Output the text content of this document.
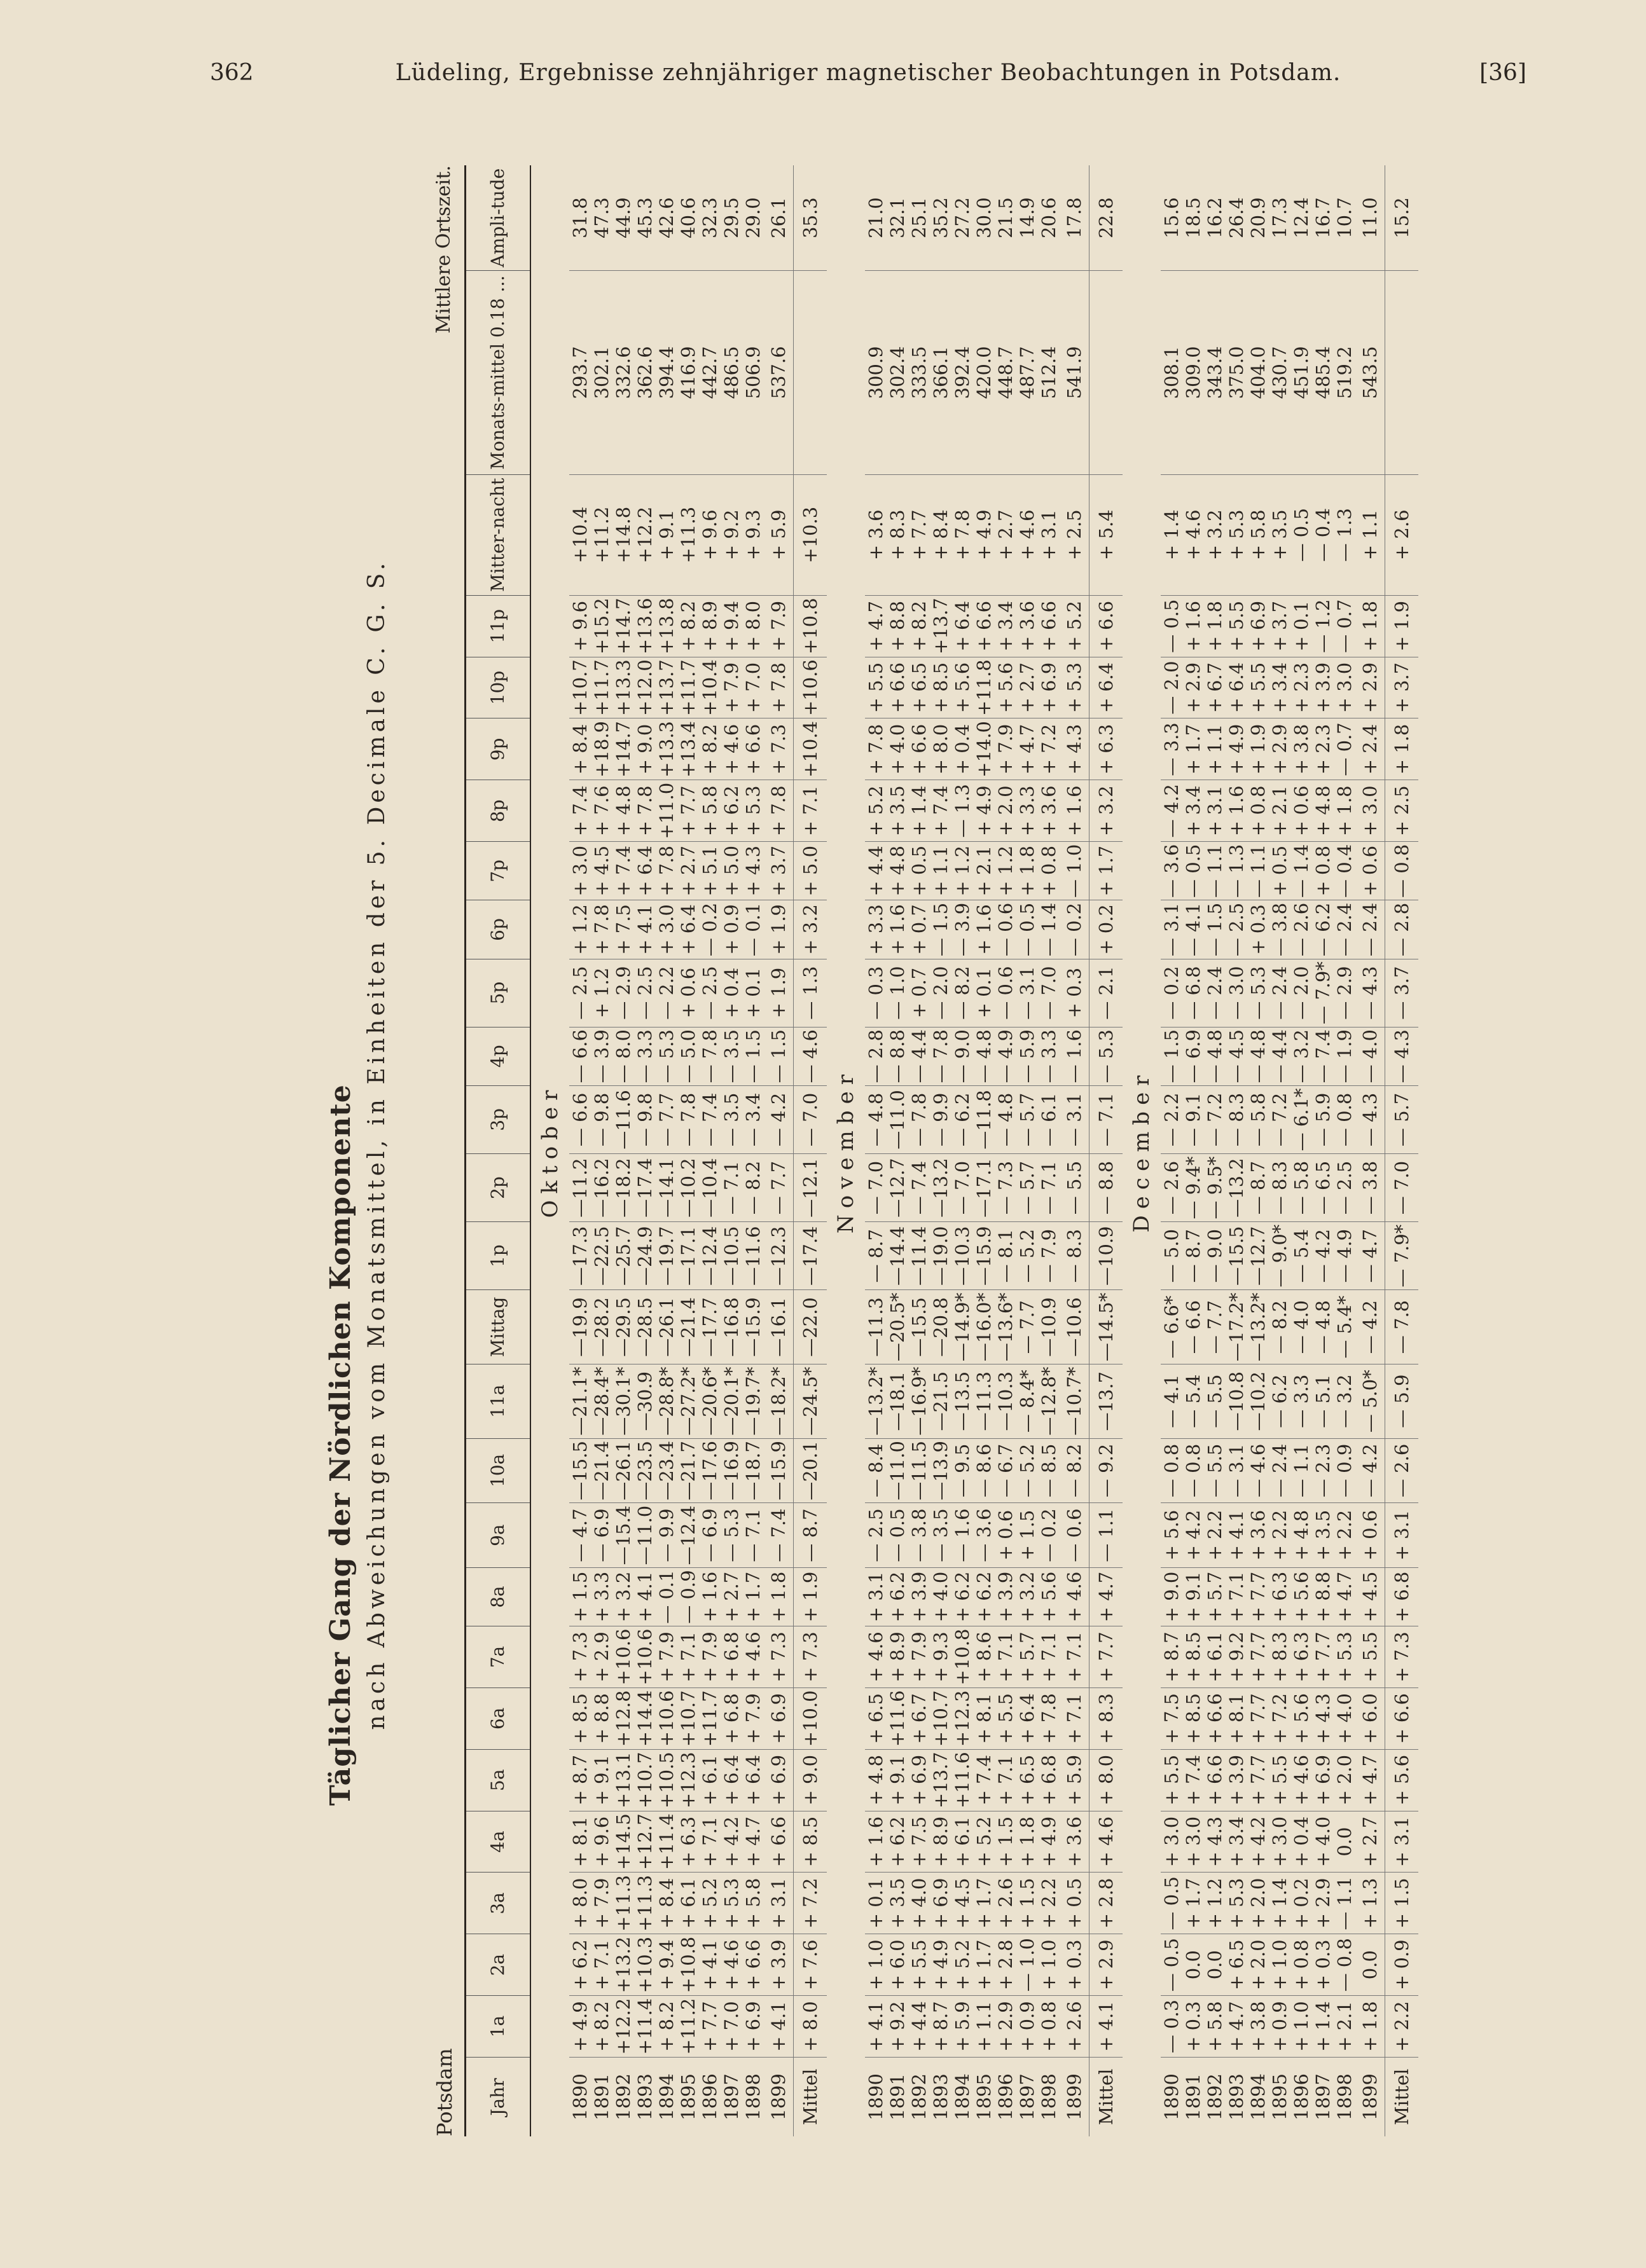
362	Lüdeling, Ergebnisse zehnjähriger magnetischer Beobachtungen in Potsdam.	[36]
Täglicher Gang der Nördlichen Komponente nach Abweichungen vom Monatsmittel, in Einheiten der 5. Decimale C. G. S.
Potsdam
Mittlere Ortszeit.
Jahr	1a	2a	3a	4a	5a	6a	7a	8a	9a	10a	11a	Mittag	1p	2p	3p	4p	5p	6p	7p	8p	9p	10p	11p	Mitter-nacht	Monats-mittel 0.18 ...	Ampli-tude
Oktober																										
1890	+ 4.9	+ 6.2	+ 8.0	+ 8.1	+ 8.7	+ 8.5	+ 7.3	+ 1.5	— 4.7	—15.5	—21.1*	—19.9	—17.3	—11.2	— 6.6	— 6.6	— 2.5	+ 1.2	+ 3.0	+ 7.4	+ 8.4	+10.7	+ 9.6	+10.4	293.7	31.8
1891	+ 8.2	+ 7.1	+ 7.9	+ 9.6	+ 9.1	+ 8.8	+ 2.9	+ 3.3	— 6.9	—21.4	—28.4*	—28.2	—22.5	—16.2	— 9.8	— 3.9	+ 1.2	+ 7.8	+ 4.5	+ 7.6	+18.9	+11.7	+15.2	+11.2	302.1	47.3
1892	+12.2	+13.2	+11.3	+14.5	+13.1	+12.8	+10.6	+ 3.2	—15.4	—26.1	—30.1*	—29.5	—25.7	—18.2	—11.6	— 8.0	— 2.9	+ 7.5	+ 7.4	+ 4.8	+14.7	+13.3	+14.7	+14.8	332.6	44.9
1893	+11.4	+10.3	+11.3	+12.7	+10.7	+14.4	+10.6	+ 4.1	—11.0	—23.5	—30.9	—28.5	—24.9	—17.4	— 9.8	— 3.3	— 2.5	+ 4.1	+ 6.4	+ 7.8	+ 9.0	+12.0	+13.6	+12.2	362.6	45.3
1894	+ 8.2	+ 9.4	+ 8.4	+11.4	+10.5	+10.6	+ 7.9	— 0.1	— 9.9	—23.4	—28.8*	—26.1	—19.7	—14.1	— 7.7	— 5.3	— 2.2	+ 3.0	+ 7.8	+11.0	+13.3	+13.7	+13.8	+ 9.1	394.4	42.6
1895	+11.2	+10.8	+ 6.1	+ 6.3	+12.3	+10.7	+ 7.1	— 0.9	—12.4	—21.7	—27.2*	—21.4	—17.1	—10.2	— 7.8	— 5.0	+ 0.6	+ 6.4	+ 2.7	+ 7.7	+13.4	+11.7	+ 8.2	+11.3	416.9	40.6
1896	+ 7.7	+ 4.1	+ 5.2	+ 7.1	+ 6.1	+11.7	+ 7.9	+ 1.6	— 6.9	—17.6	—20.6*	—17.7	—12.4	—10.4	— 7.4	— 7.8	— 2.5	— 0.2	+ 5.1	+ 5.8	+ 8.2	+10.4	+ 8.9	+ 9.6	442.7	32.3
1897	+ 7.0	+ 4.6	+ 5.3	+ 4.2	+ 6.4	+ 6.8	+ 6.8	+ 2.7	— 5.3	—16.9	—20.1*	—16.8	—10.5	— 7.1	— 3.5	— 3.5	+ 0.4	+ 0.9	+ 5.0	+ 6.2	+ 4.6	+ 7.9	+ 9.4	+ 9.2	486.5	29.5
1898	+ 6.9	+ 6.6	+ 5.8	+ 4.7	+ 6.4	+ 7.9	+ 4.6	+ 1.7	— 7.1	—18.7	—19.7*	—15.9	—11.6	— 8.2	— 3.4	— 1.5	+ 0.1	— 0.1	+ 4.3	+ 5.3	+ 6.6	+ 7.0	+ 8.0	+ 9.3	506.9	29.0
1899	+ 4.1	+ 3.9	+ 3.1	+ 6.6	+ 6.9	+ 6.9	+ 7.3	+ 1.8	— 7.4	—15.9	—18.2*	—16.1	—12.3	— 7.7	— 4.2	— 1.5	+ 1.9	+ 1.9	+ 3.7	+ 7.8	+ 7.3	+ 7.8	+ 7.9	+ 5.9	537.6	26.1
Mittel	+ 8.0	+ 7.6	+ 7.2	+ 8.5	+ 9.0	+10.0	+ 7.3	+ 1.9	— 8.7	—20.1	—24.5*	—22.0	—17.4	—12.1	— 7.0	— 4.6	— 1.3	+ 3.2	+ 5.0	+ 7.1	+10.4	+10.6	+10.8	+10.3		35.3
November																										
1890	+ 4.1	+ 1.0	+ 0.1	+ 1.6	+ 4.8	+ 6.5	+ 4.6	+ 3.1	— 2.5	— 8.4	—13.2*	—11.3	— 8.7	— 7.0	— 4.8	— 2.8	— 0.3	+ 3.3	+ 4.4	+ 5.2	+ 7.8	+ 5.5	+ 4.7	+ 3.6	300.9	21.0
1891	+ 9.2	+ 6.0	+ 3.5	+ 6.2	+ 9.1	+11.6	+ 8.9	+ 6.2	— 0.5	—11.0	—18.1	—20.5*	—14.4	—12.7	—11.0	— 8.8	— 1.0	+ 1.6	+ 4.8	+ 3.5	+ 4.0	+ 6.6	+ 8.8	+ 8.3	302.4	32.1
1892	+ 4.4	+ 5.5	+ 4.0	+ 7.5	+ 6.9	+ 6.7	+ 7.9	+ 3.9	— 3.8	—11.5	—16.9*	—15.5	—11.4	— 7.4	— 7.8	— 4.4	+ 0.7	+ 0.7	+ 0.5	+ 1.4	+ 6.6	+ 6.5	+ 8.2	+ 7.7	333.5	25.1
1893	+ 8.7	+ 4.9	+ 6.9	+ 8.9	+13.7	+10.7	+ 9.3	+ 4.0	— 3.5	—13.9	—21.5	—20.8	—19.0	—13.2	— 9.9	— 7.8	— 2.0	— 1.5	+ 1.1	+ 7.4	+ 8.0	+ 8.5	+13.7	+ 8.4	366.1	35.2
1894	+ 5.9	+ 5.2	+ 4.5	+ 6.1	+11.6	+12.3	+10.8	+ 6.2	— 1.6	— 9.5	—13.5	—14.9*	—10.3	— 7.0	— 6.2	— 9.0	— 8.2	— 3.9	+ 1.2	— 1.3	+ 0.4	+ 5.6	+ 6.4	+ 7.8	392.4	27.2
1895	+ 1.1	+ 1.7	+ 1.7	+ 5.2	+ 7.4	+ 8.1	+ 8.6	+ 6.2	— 3.6	— 8.6	—11.3	—16.0*	—15.9	—17.1	—11.8	— 4.8	+ 0.1	+ 1.6	+ 2.1	+ 4.9	+14.0	+11.8	+ 6.6	+ 4.9	420.0	30.0
1896	+ 2.9	+ 2.8	+ 2.6	+ 1.5	+ 7.1	+ 5.5	+ 7.1	+ 3.9	+ 0.6	— 6.7	—10.3	—13.6*	— 8.1	— 7.3	— 4.8	— 4.9	— 0.6	— 0.6	+ 1.2	+ 2.0	+ 7.9	+ 5.6	+ 3.4	+ 2.7	448.7	21.5
1897	+ 0.9	— 1.0	+ 1.5	+ 1.8	+ 6.5	+ 6.4	+ 5.7	+ 3.2	+ 1.5	— 5.2	— 8.4*	— 7.7	— 5.2	— 5.7	— 5.7	— 5.9	— 3.1	— 0.5	+ 1.8	+ 3.3	+ 4.7	+ 2.7	+ 3.6	+ 4.6	487.7	14.9
1898	+ 0.8	+ 1.0	+ 2.2	+ 4.9	+ 6.8	+ 7.8	+ 7.1	+ 5.6	— 0.2	— 8.5	—12.8*	—10.9	— 7.9	— 7.1	— 6.1	— 3.3	— 7.0	— 1.4	+ 0.8	+ 3.6	+ 7.2	+ 6.9	+ 6.6	+ 3.1	512.4	20.6
1899	+ 2.6	+ 0.3	+ 0.5	+ 3.6	+ 5.9	+ 7.1	+ 7.1	+ 4.6	— 0.6	— 8.2	—10.7*	—10.6	— 8.3	— 5.5	— 3.1	— 1.6	+ 0.3	— 0.2	— 1.0	+ 1.6	+ 4.3	+ 5.3	+ 5.2	+ 2.5	541.9	17.8
Mittel	+ 4.1	+ 2.9	+ 2.8	+ 4.6	+ 8.0	+ 8.3	+ 7.7	+ 4.7	— 1.1	— 9.2	—13.7	—14.5*	—10.9	— 8.8	— 7.1	— 5.3	— 2.1	+ 0.2	+ 1.7	+ 3.2	+ 6.3	+ 6.4	+ 6.6	+ 5.4		22.8
December																										
1890	— 0.3	— 0.5	— 0.5	+ 3.0	+ 5.5	+ 7.5	+ 8.7	+ 9.0	+ 5.6	— 0.8	— 4.1	— 6.6*	— 5.0	— 2.6	— 2.2	— 1.5	— 0.2	— 3.1	— 3.6	— 4.2	— 3.3	— 2.0	— 0.5	+ 1.4	308.1	15.6
1891	+ 0.3	0.0	+ 1.7	+ 3.0	+ 7.4	+ 8.5	+ 8.5	+ 9.1	+ 4.2	— 0.8	— 5.4	— 6.6	— 8.7	— 9.4*	— 9.1	— 6.9	— 6.8	— 4.1	— 0.5	+ 3.4	+ 1.7	+ 2.9	+ 1.6	+ 4.6	309.0	18.5
1892	+ 5.8	0.0	+ 1.2	+ 4.3	+ 6.6	+ 6.6	+ 6.1	+ 5.7	+ 2.2	— 5.5	— 5.5	— 7.7	— 9.0	— 9.5*	— 7.2	— 4.8	— 2.4	— 1.5	— 1.1	+ 3.1	+ 1.1	+ 6.7	+ 1.8	+ 3.2	343.4	16.2
1893	+ 4.7	+ 6.5	+ 5.3	+ 3.4	+ 3.9	+ 8.1	+ 9.2	+ 7.1	+ 4.1	— 3.1	—10.8	—17.2*	—15.5	—13.2	— 8.3	— 4.5	— 3.0	— 2.5	— 1.3	+ 1.6	+ 4.9	+ 6.4	+ 5.5	+ 5.3	375.0	26.4
1894	+ 3.8	+ 2.0	+ 2.0	+ 4.2	+ 7.7	+ 7.7	+ 7.7	+ 7.7	+ 3.6	— 4.6	—10.2	—13.2*	—12.7	— 8.7	— 5.8	— 4.8	— 5.3	+ 0.3	— 1.1	+ 0.8	+ 1.9	+ 5.5	+ 6.9	+ 5.8	404.0	20.9
1895	+ 0.9	+ 1.0	+ 1.4	+ 3.0	+ 5.5	+ 7.2	+ 8.3	+ 6.3	+ 2.2	— 2.4	— 6.2	— 8.2	— 9.0*	— 8.3	— 7.2	— 4.4	— 2.4	— 3.8	+ 0.5	+ 2.1	+ 2.9	+ 3.4	+ 3.7	+ 3.5	430.7	17.3
1896	+ 1.0	+ 0.8	+ 0.2	+ 0.4	+ 4.6	+ 5.6	+ 6.3	+ 5.6	+ 4.8	— 1.1	— 3.3	— 4.0	— 5.4	— 5.8	— 6.1*	— 3.2	— 2.0	— 2.6	— 1.4	+ 0.6	+ 3.8	+ 2.3	+ 0.1	— 0.5	451.9	12.4
1897	+ 1.4	+ 0.3	+ 2.9	+ 4.0	+ 6.9	+ 4.3	+ 7.7	+ 8.8	+ 3.5	— 2.3	— 5.1	— 4.8	— 4.2	— 6.5	— 5.9	— 7.4	— 7.9*	— 6.2	+ 0.8	+ 4.8	+ 2.3	+ 3.9	— 1.2	— 0.4	485.4	16.7
1898	+ 2.1	— 0.8	— 1.1	0.0	+ 2.0	+ 4.0	+ 5.3	+ 4.7	+ 2.2	— 0.9	— 3.2	— 5.4*	— 4.9	— 2.5	— 0.8	— 1.9	— 2.9	— 2.4	— 0.4	+ 1.8	— 0.7	+ 3.0	— 0.7	— 1.3	519.2	10.7
1899	+ 1.8	0.0	+ 1.3	+ 2.7	+ 4.7	+ 6.0	+ 5.5	+ 4.5	+ 0.6	— 4.2	— 5.0*	— 4.2	— 4.7	— 3.8	— 4.3	— 4.0	— 4.3	— 2.4	+ 0.6	+ 3.0	+ 2.4	+ 2.9	+ 1.8	+ 1.1	543.5	11.0
Mittel	+ 2.2	+ 0.9	+ 1.5	+ 3.1	+ 5.6	+ 6.6	+ 7.3	+ 6.8	+ 3.1	— 2.6	— 5.9	— 7.8	— 7.9*	— 7.0	— 5.7	— 4.3	— 3.7	— 2.8	— 0.8	+ 2.5	+ 1.8	+ 3.7	+ 1.9	+ 2.6		15.2
